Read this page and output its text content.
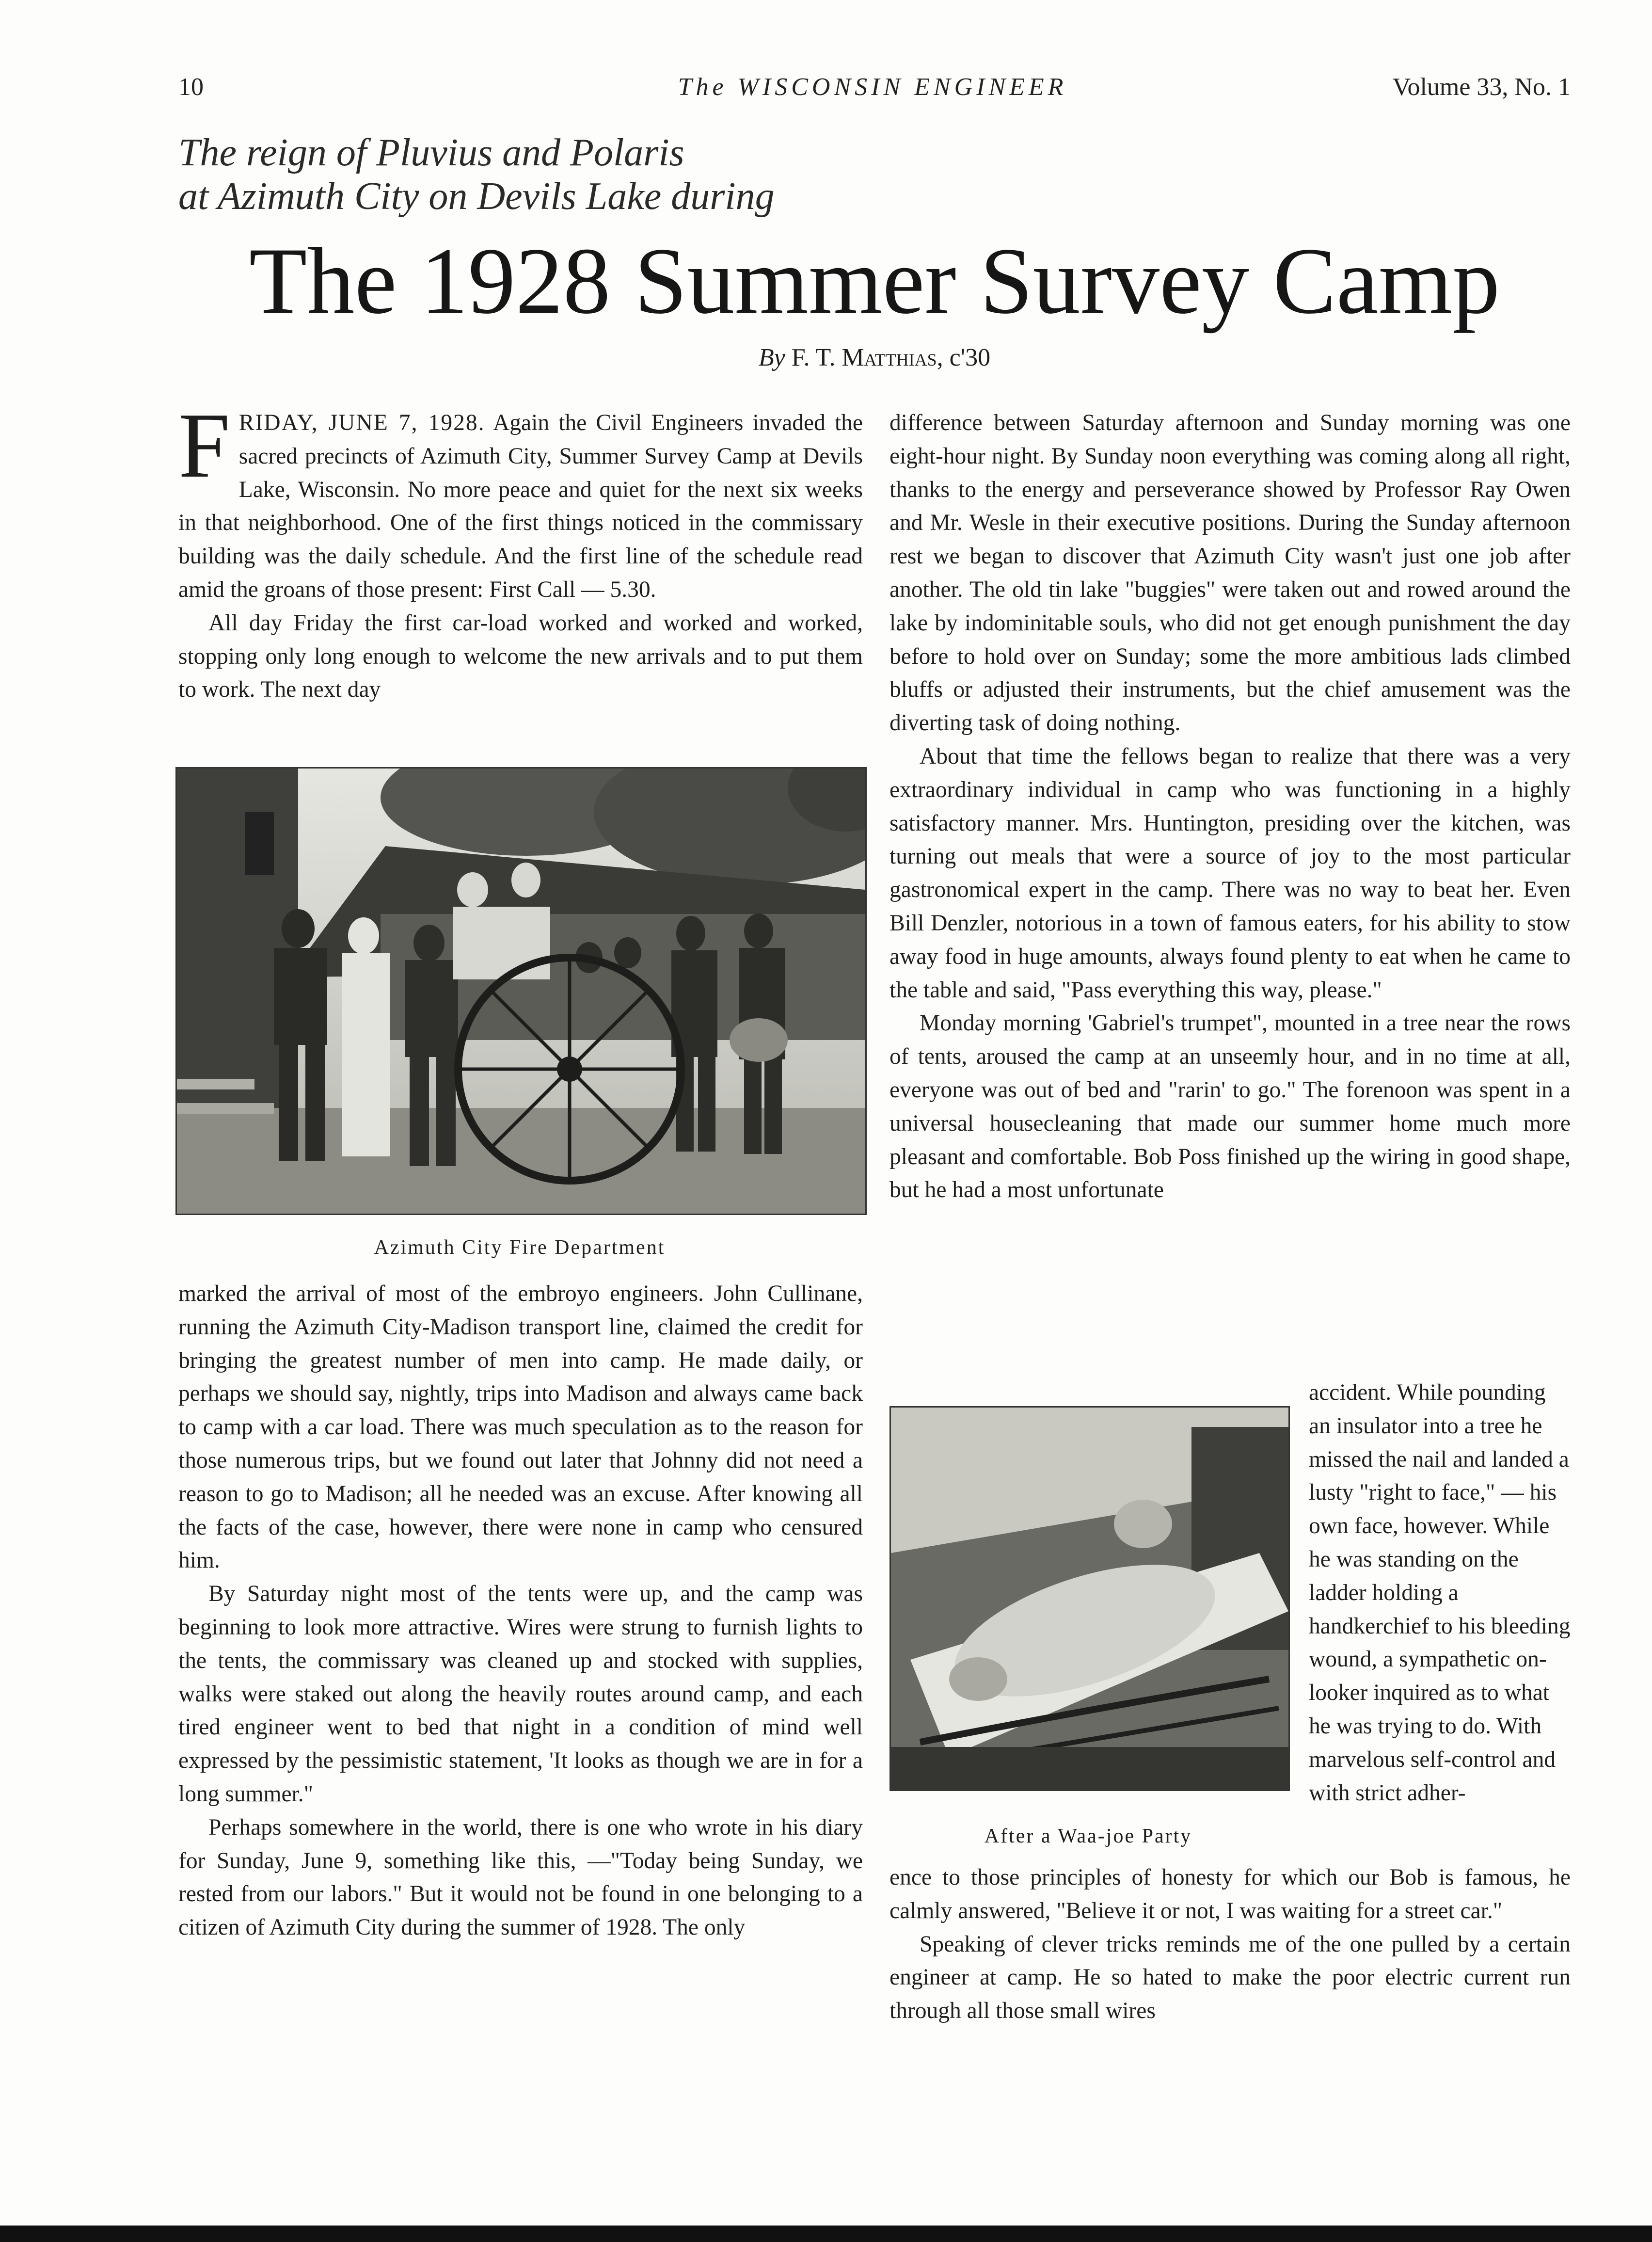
10	The WISCONSIN ENGINEER	Volume 33, No. 1
The reign of Pluvius and Polaris
at Azimuth City on Devils Lake during
The 1928 Summer Survey Camp
By F. T. Matthias, c'30

FRIDAY, JUNE 7, 1928. Again the Civil Engineers invaded the sacred precincts of Azimuth City, Summer Survey Camp at Devils Lake, Wisconsin. No more peace and quiet for the next six weeks in that neighborhood. One of the first things noticed in the commissary building was the daily schedule. And the first line of the schedule read amid the groans of those present: First Call — 5.30.

All day Friday the first car-load worked and worked and worked, stopping only long enough to welcome the new arrivals and to put them to work. The next day

Azimuth City Fire Department

marked the arrival of most of the embroyo engineers. John Cullinane, running the Azimuth City-Madison transport line, claimed the credit for bringing the greatest number of men into camp. He made daily, or perhaps we should say, nightly, trips into Madison and always came back to camp with a car load. There was much speculation as to the reason for those numerous trips, but we found out later that Johnny did not need a reason to go to Madison; all he needed was an excuse. After knowing all the facts of the case, however, there were none in camp who censured him.

By Saturday night most of the tents were up, and the camp was beginning to look more attractive. Wires were strung to furnish lights to the tents, the commissary was cleaned up and stocked with supplies, walks were staked out along the heavily routes around camp, and each tired engineer went to bed that night in a condition of mind well expressed by the pessimistic statement, 'It looks as though we are in for a long summer."

Perhaps somewhere in the world, there is one who wrote in his diary for Sunday, June 9, something like this, —"Today being Sunday, we rested from our labors." But it would not be found in one belonging to a citizen of Azimuth City during the summer of 1928. The only

difference between Saturday afternoon and Sunday morning was one eight-hour night. By Sunday noon everything was coming along all right, thanks to the energy and perseverance showed by Professor Ray Owen and Mr. Wesle in their executive positions. During the Sunday afternoon rest we began to discover that Azimuth City wasn't just one job after another. The old tin lake "buggies" were taken out and rowed around the lake by indominitable souls, who did not get enough punishment the day before to hold over on Sunday; some the more ambitious lads climbed bluffs or adjusted their instruments, but the chief amusement was the diverting task of doing nothing.

About that time the fellows began to realize that there was a very extraordinary individual in camp who was functioning in a highly satisfactory manner. Mrs. Huntington, presiding over the kitchen, was turning out meals that were a source of joy to the most particular gastronomical expert in the camp. There was no way to beat her. Even Bill Denzler, notorious in a town of famous eaters, for his ability to stow away food in huge amounts, always found plenty to eat when he came to the table and said, "Pass everything this way, please."

Monday morning 'Gabriel's trumpet", mounted in a tree near the rows of tents, aroused the camp at an unseemly hour, and in no time at all, everyone was out of bed and "rarin' to go." The forenoon was spent in a universal housecleaning that made our summer home much more pleasant and comfortable. Bob Poss finished up the wiring in good shape, but he had a most unfortunate

After a Waa-joe Party

accident. While pounding an insulator into a tree he missed the nail and landed a lusty "right to face," — his own face, however. While he was standing on the ladder holding a handkerchief to his bleeding wound, a sympathetic on-looker inquired as to what he was trying to do. With marvelous self-control and with strict adher-

ence to those principles of honesty for which our Bob is famous, he calmly answered, "Believe it or not, I was waiting for a street car."

Speaking of clever tricks reminds me of the one pulled by a certain engineer at camp. He so hated to make the poor electric current run through all those small wires
